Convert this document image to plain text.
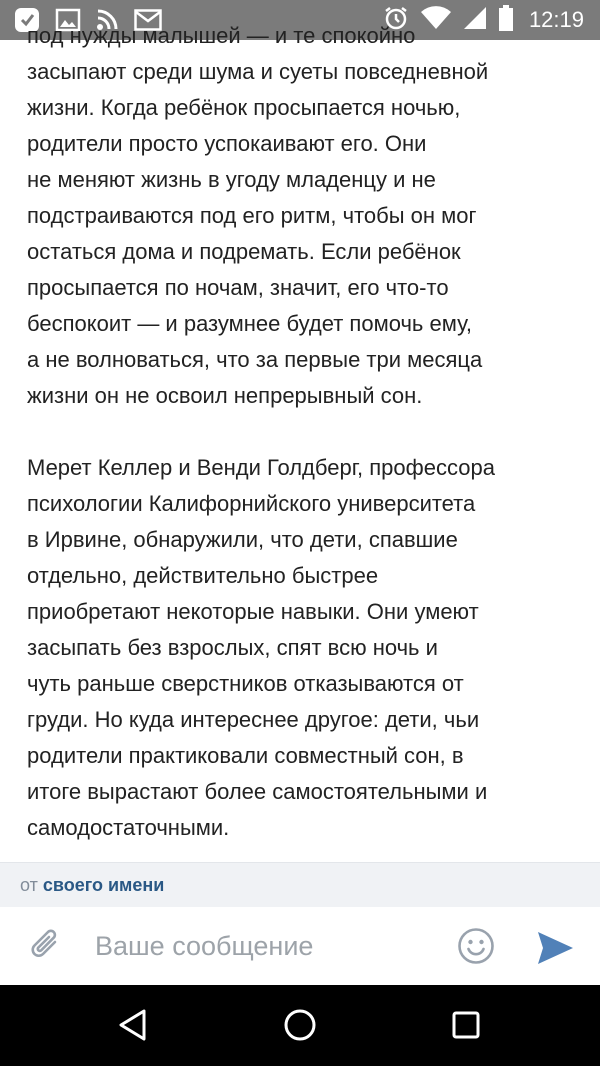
12:19

под нужды малышей — и те спокойно
засыпают среди шума и суеты повседневной
жизни. Когда ребёнок просыпается ночью,
родители просто успокаивают его. Они
не меняют жизнь в угоду младенцу и не
подстраиваются под его ритм, чтобы он мог
остаться дома и подремать. Если ребёнок
просыпается по ночам, значит, его что-то
беспокоит — и разумнее будет помочь ему,
а не волноваться, что за первые три месяца
жизни он не освоил непрерывный сон.

Мерет Келлер и Венди Голдберг, профессора
психологии Калифорнийского университета
в Ирвине, обнаружили, что дети, спавшие
отдельно, действительно быстрее
приобретают некоторые навыки. Они умеют
засыпать без взрослых, спят всю ночь и
чуть раньше сверстников отказываются от
груди. Но куда интереснее другое: дети, чьи
родители практиковали совместный сон, в
итоге вырастают более самостоятельными и
самодостаточными.

от своего имени
Ваше сообщение
